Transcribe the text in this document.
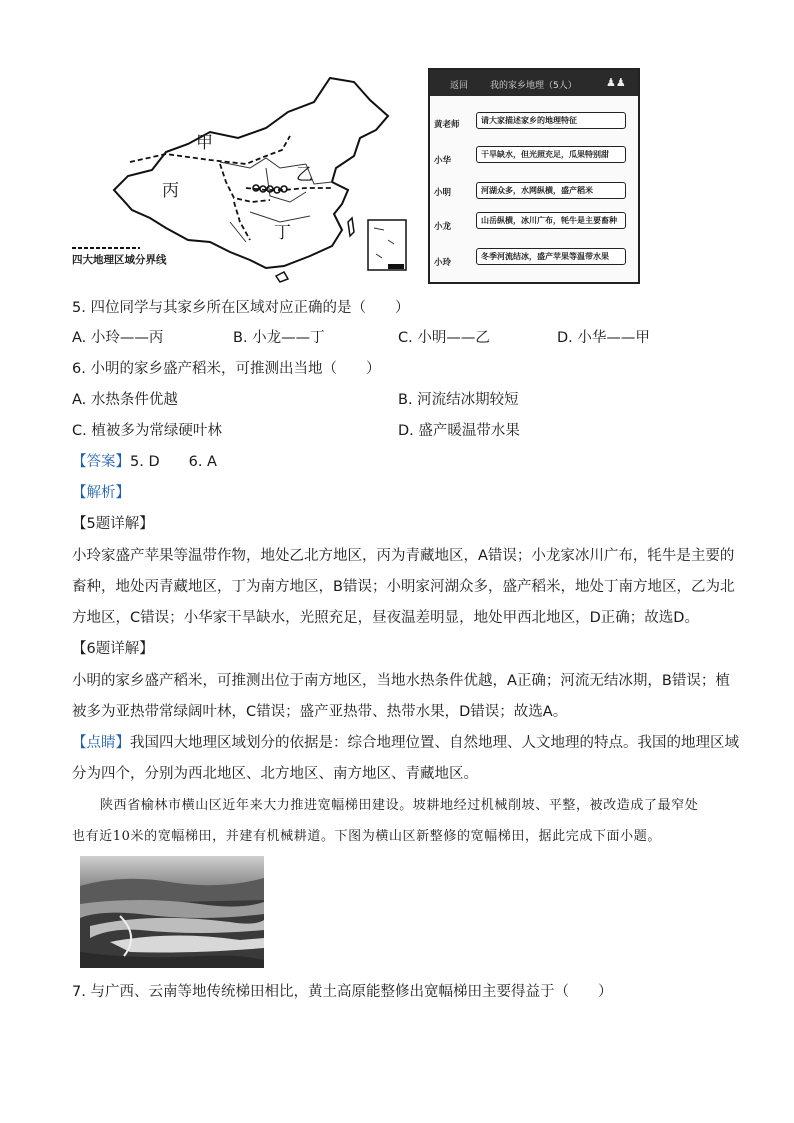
甲
乙
丙
丁
四大地理区域分界线
返回 我的家乡地理（5人）	♟♟
黄老师	请大家描述家乡的地理特征
小华
干旱缺水，但光照充足，瓜果特别甜
小明	河湖众多，水网纵横，盛产稻米
小龙
山岳纵横，冰川广布，牦牛是主要畜种
小玲
冬季河流结冰，盛产苹果等温带水果
5. 四位同学与其家乡所在区域对应正确的是（　　）
A. 小玲——丙	B. 小龙——丁	C. 小明——乙	D. 小华——甲
6. 小明的家乡盛产稻米，可推测出当地（　　）
A. 水热条件优越	B. 河流结冰期较短
C. 植被多为常绿硬叶林	D. 盛产暖温带水果
【答案】5. D　　6. A
【解析】
【5题详解】
小玲家盛产苹果等温带作物，地处乙北方地区，丙为青藏地区，A错误；小龙家冰川广布，牦牛是主要的
畜种，地处丙青藏地区，丁为南方地区，B错误；小明家河湖众多，盛产稻米，地处丁南方地区，乙为北
方地区，C错误；小华家干旱缺水，光照充足，昼夜温差明显，地处甲西北地区，D正确；故选D。
【6题详解】
小明的家乡盛产稻米，可推测出位于南方地区，当地水热条件优越，A正确；河流无结冰期，B错误；植
被多为亚热带常绿阔叶林，C错误；盛产亚热带、热带水果，D错误；故选A。
【点睛】我国四大地理区域划分的依据是：综合地理位置、自然地理、人文地理的特点。我国的地理区域
分为四个，分别为西北地区、北方地区、南方地区、青藏地区。
陕西省榆林市横山区近年来大力推进宽幅梯田建设。坡耕地经过机械削坡、平整，被改造成了最窄处
也有近10米的宽幅梯田，并建有机械耕道。下图为横山区新整修的宽幅梯田，据此完成下面小题。
7. 与广西、云南等地传统梯田相比，黄土高原能整修出宽幅梯田主要得益于（　　）
